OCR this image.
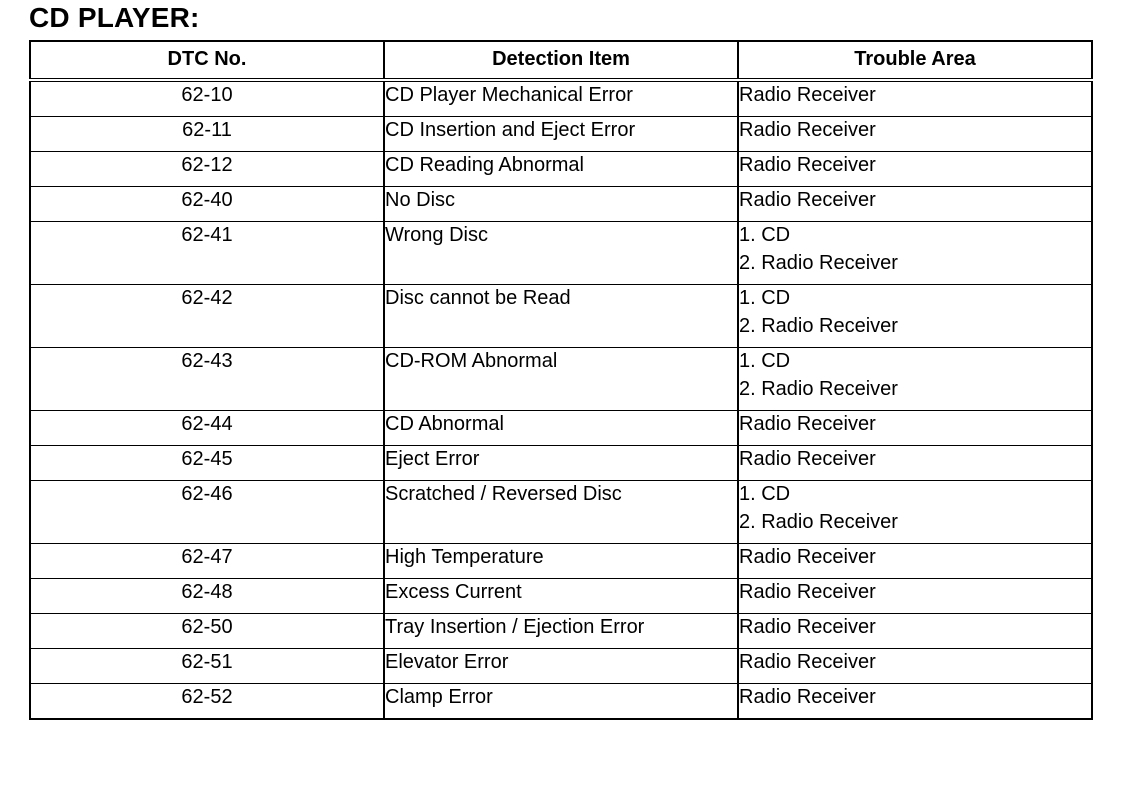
CD PLAYER:
DTC No.	Detection Item	Trouble Area
62-10	CD Player Mechanical Error	Radio Receiver

62-11	CD Insertion and Eject Error	Radio Receiver

62-12	CD Reading Abnormal	Radio Receiver

62-40	No Disc	Radio Receiver

62-41	Wrong Disc	1. CD
2. Radio Receiver

62-42	Disc cannot be Read	1. CD
2. Radio Receiver

62-43	CD-ROM Abnormal	1. CD
2. Radio Receiver

62-44	CD Abnormal	Radio Receiver

62-45	Eject Error	Radio Receiver

62-46	Scratched / Reversed Disc	1. CD
2. Radio Receiver

62-47	High Temperature	Radio Receiver

62-48	Excess Current	Radio Receiver

62-50	Tray Insertion / Ejection Error	Radio Receiver

62-51	Elevator Error	Radio Receiver

62-52	Clamp Error	Radio Receiver
